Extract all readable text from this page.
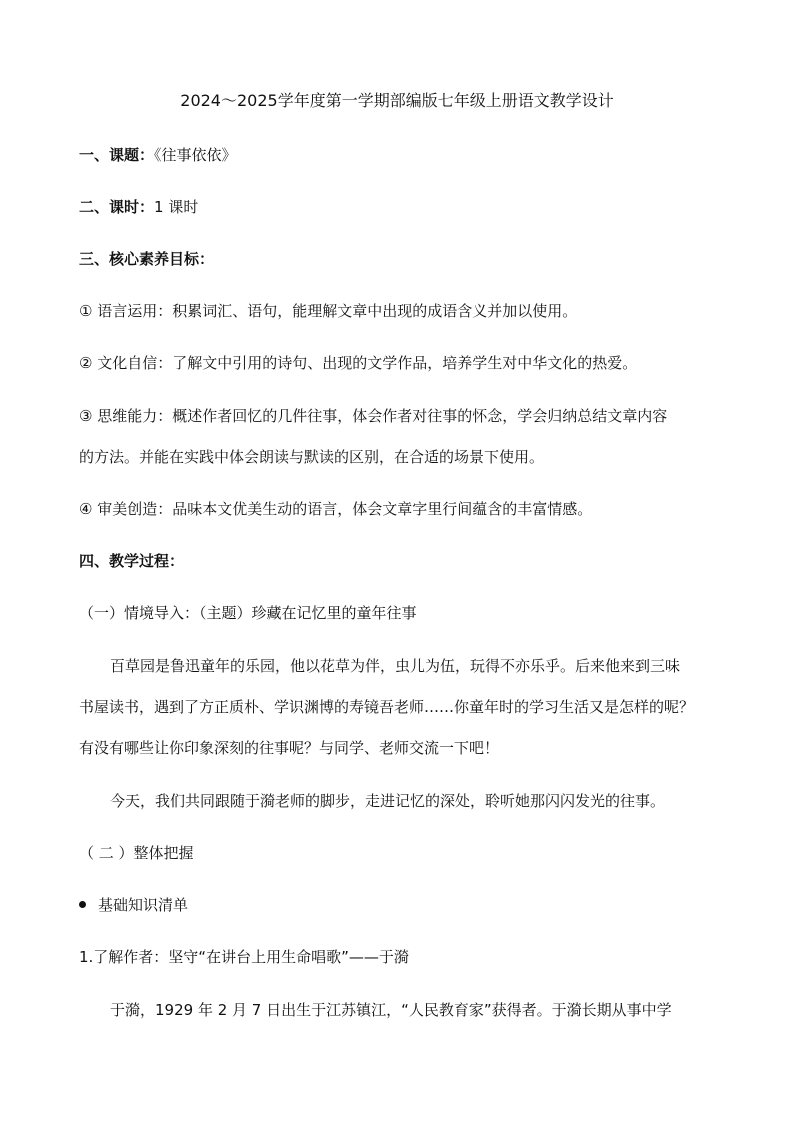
2024～2025学年度第一学期部编版七年级上册语文教学设计
一、课题：《往事依依》
二、课时：1 课时
三、核心素养目标：
① 语言运用：积累词汇、语句，能理解文章中出现的成语含义并加以使用。
② 文化自信：了解文中引用的诗句、出现的文学作品，培养学生对中华文化的热爱。
③ 思维能力：概述作者回忆的几件往事，体会作者对往事的怀念，学会归纳总结文章内容
的方法。并能在实践中体会朗读与默读的区别，在合适的场景下使用。
④ 审美创造：品味本文优美生动的语言，体会文章字里行间蕴含的丰富情感。
四、教学过程：
（一）情境导入：（主题）珍藏在记忆里的童年往事
百草园是鲁迅童年的乐园，他以花草为伴，虫儿为伍，玩得不亦乐乎。后来他来到三味
书屋读书，遇到了方正质朴、学识渊博的寿镜吾老师……你童年时的学习生活又是怎样的呢？
有没有哪些让你印象深刻的往事呢？与同学、老师交流一下吧！
今天，我们共同跟随于漪老师的脚步，走进记忆的深处，聆听她那闪闪发光的往事。
（ 二 ）整体把握
基础知识清单
1.了解作者：坚守“在讲台上用生命唱歌”——于漪
于漪，1929 年 2 月 7 日出生于江苏镇江，“人民教育家”获得者。于漪长期从事中学
